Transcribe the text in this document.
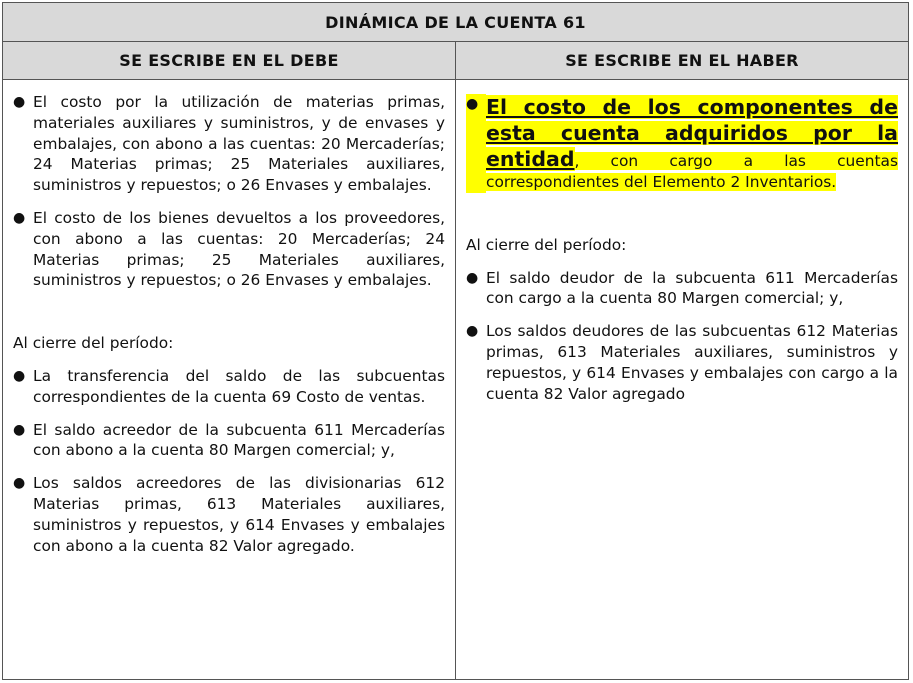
DINÁMICA DE LA CUENTA 61
SE ESCRIBE EN EL DEBE	SE ESCRIBE EN EL HABER
● El costo por la utilización de materias primas, materiales auxiliares y suministros, y de envases y embalajes, con abono a las cuentas: 20 Mercaderías; 24 Materias primas; 25 Materiales auxiliares, suministros y repuestos; o 26 Envases y embalajes.
● El costo de los bienes devueltos a los proveedores, con abono a las cuentas: 20 Mercaderías; 24 Materias primas; 25 Materiales auxiliares, suministros y repuestos; o 26 Envases y embalajes.

Al cierre del período:

● La transferencia del saldo de las subcuentas correspondientes de la cuenta 69 Costo de ventas.
● El saldo acreedor de la subcuenta 611 Mercaderías con abono a la cuenta 80 Margen comercial; y,
● Los saldos acreedores de las divisionarias 612 Materias primas, 613 Materiales auxiliares, suministros y repuestos, y 614 Envases y embalajes con abono a la cuenta 82 Valor agregado.
● El costo de los componentes de esta cuenta adquiridos por la entidad, con cargo a las cuentas correspondientes del Elemento 2 Inventarios.

Al cierre del período:

● El saldo deudor de la subcuenta 611 Mercaderías con cargo a la cuenta 80 Margen comercial; y,
● Los saldos deudores de las subcuentas 612 Materias primas, 613 Materiales auxiliares, suministros y repuestos, y 614 Envases y embalajes con cargo a la cuenta 82 Valor agregado
